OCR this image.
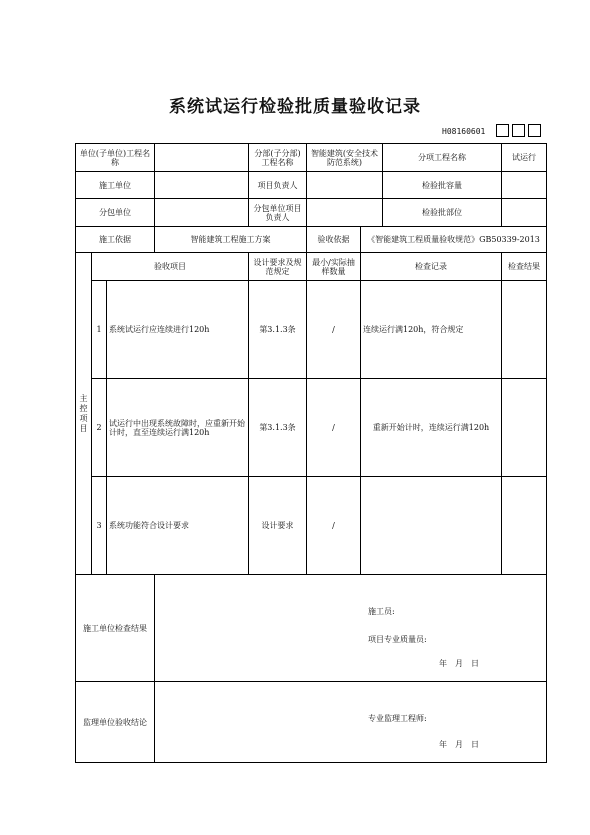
系统试运行检验批质量验收记录
H08160601
单位(子单位)工程名称				分部(子分部)工程名称	智能建筑(安全技术防范系统)		分项工程名称	试运行
施工单位				项目负责人			检验批容量	
分包单位				分包单位项目负责人			检验批部位	
施工依据			智能建筑工程施工方案		验收依据	《智能建筑工程质量验收规范》GB50339-2013		
主控项目	验收项目			设计要求及规范规定	最小/实际抽样数量	检查记录		检查结果
	1	系统试运行应连续进行120h		第3.1.3条	/	连续运行满120h，符合规定		
	2	试运行中出现系统故障时，应重新开始计时，直至连续运行满120h		第3.1.3条	/	重新开始计时，连续运行满120h		
	3	系统功能符合设计要求		设计要求	/			
施工单位检查结果			施工员:
项目专业质量员:
年　月　日					

监理单位验收结论			专业监理工程师:
年　月　日					
